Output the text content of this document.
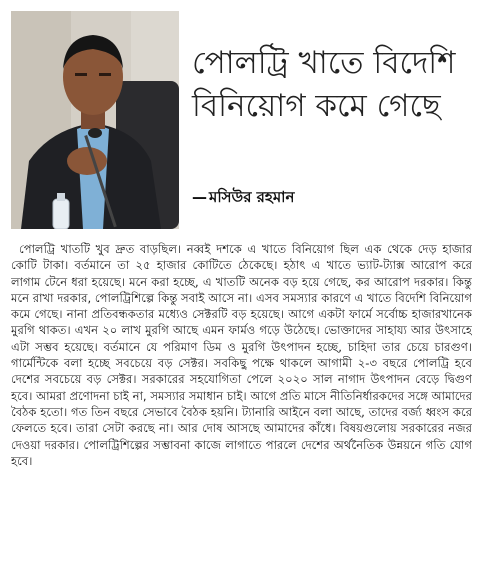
পোলট্রি খাতে বিদেশি বিনিয়োগ কমে গেছে
— মসিউর রহমান

পোলট্রি খাতটি খুব দ্রুত বাড়ছিল। নব্বই দশকে এ খাতে বিনিয়োগ ছিল এক থেকে দেড় হাজার কোটি টাকা। বর্তমানে তা ২৫ হাজার কোটিতে ঠেকেছে। হঠাৎ এ খাতে ভ্যাট-ট্যাক্স আরোপ করে লাগাম টেনে ধরা হয়েছে। মনে করা হচ্ছে, এ খাতটি অনেক বড় হয়ে গেছে, কর আরোপ দরকার। কিন্তু মনে রাখা দরকার, পোলট্রিশিল্পে কিন্তু সবাই আসে না। এসব সমস্যার কারণে এ খাতে বিদেশি বিনিয়োগ কমে গেছে। নানা প্রতিবন্ধকতার মধ্যেও সেক্টরটি বড় হয়েছে। আগে একটা ফার্মে সর্বোচ্চ হাজারখানেক মুরগি থাকত। এখন ২০ লাখ মুরগি আছে এমন ফার্মও গড়ে উঠেছে। ভোক্তাদের সাহায্য আর উৎসাহে এটা সম্ভব হয়েছে। বর্তমানে যে পরিমাণ ডিম ও মুরগি উৎপাদন হচ্ছে, চাহিদা তার চেয়ে চারগুণ। গার্মেন্টিকে বলা হচ্ছে সবচেয়ে বড় সেক্টর। সবকিছু পক্ষে থাকলে আগামী ২-৩ বছরে পোলট্রি হবে দেশের সবচেয়ে বড় সেক্টর। সরকারের সহযোগিতা পেলে ২০২০ সাল নাগাদ উৎপাদন বেড়ে দ্বিগুণ হবে। আমরা প্রণোদনা চাই না, সমস্যার সমাধান চাই। আগে প্রতি মাসে নীতিনির্ধারকদের সঙ্গে আমাদের বৈঠক হতো। গত তিন বছরে সেভাবে বৈঠক হয়নি। ট্যানারি আইনে বলা আছে, তাদের বর্জ্য ধ্বংস করে ফেলতে হবে। তারা সেটা করছে না। আর দোষ আসছে আমাদের কাঁধে। বিষয়গুলোয় সরকারের নজর দেওয়া দরকার। পোলট্রিশিল্পের সম্ভাবনা কাজে লাগাতে পারলে দেশের অর্থনৈতিক উন্নয়নে গতি যোগ হবে।
